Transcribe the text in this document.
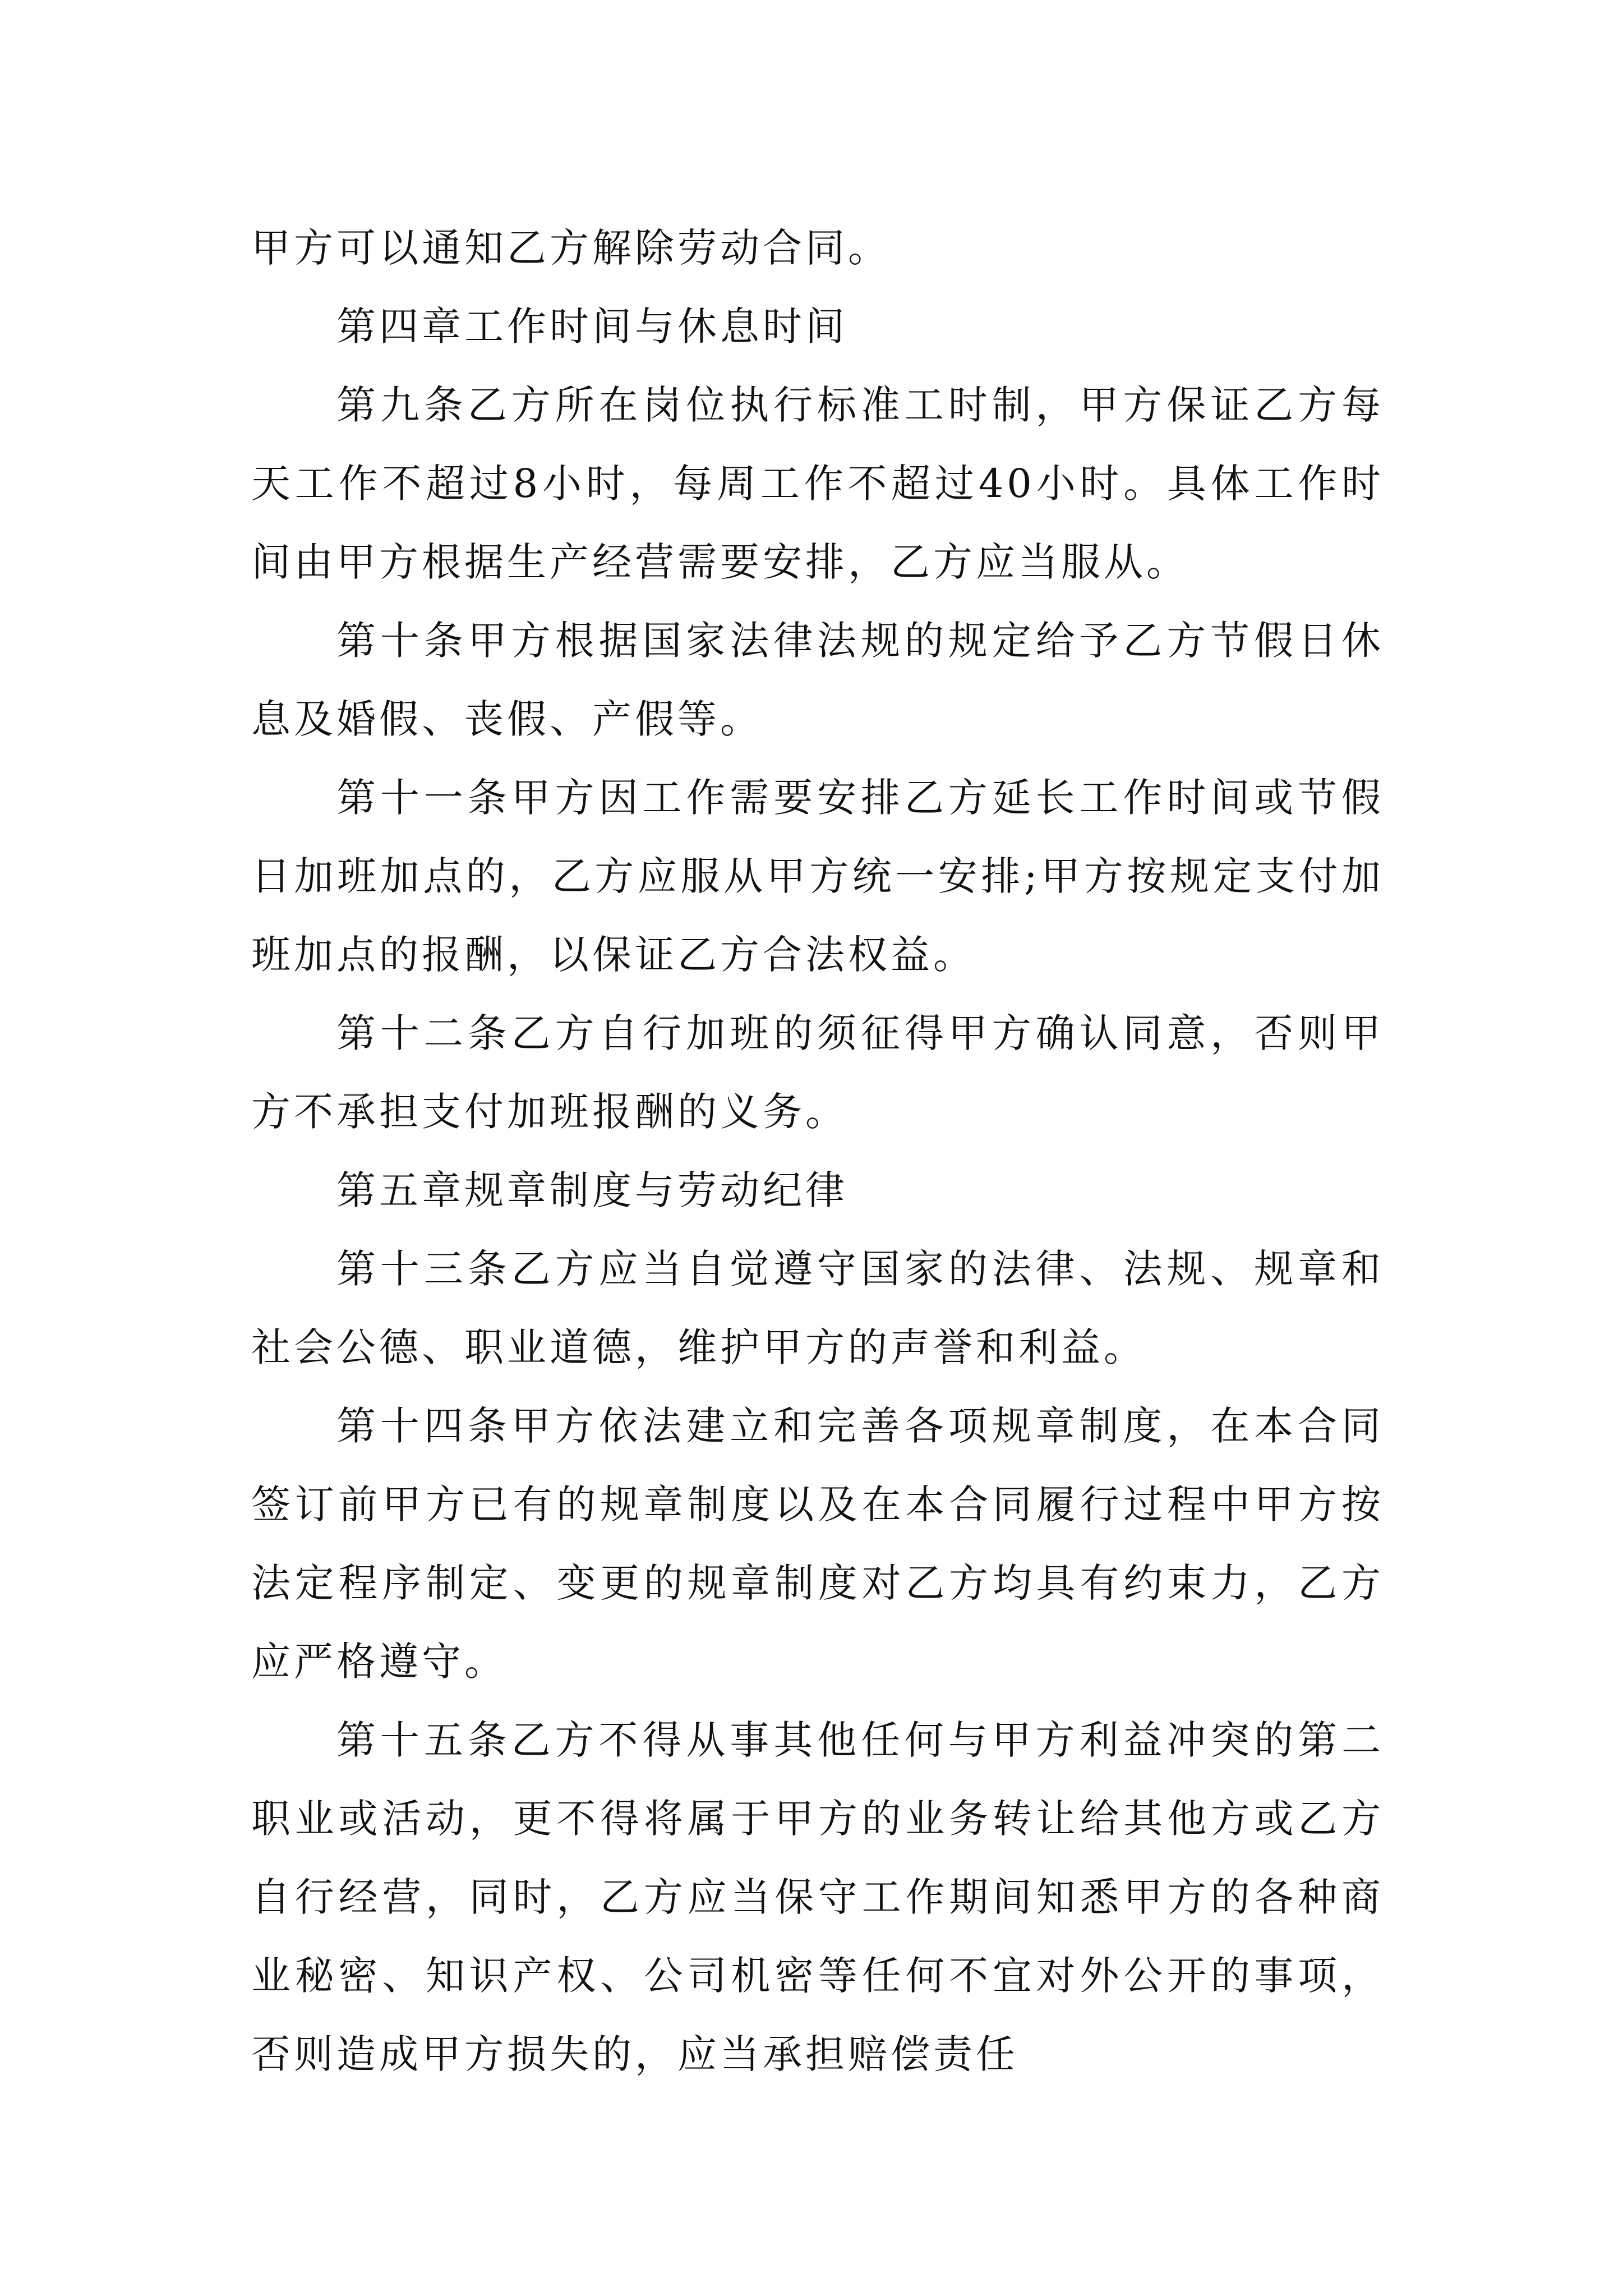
甲方可以通知乙方解除劳动合同。

第四章工作时间与休息时间

第九条乙方所在岗位执行标准工时制，甲方保证乙方每天工作不超过8小时，每周工作不超过40小时。具体工作时间由甲方根据生产经营需要安排，乙方应当服从。

第十条甲方根据国家法律法规的规定给予乙方节假日休息及婚假、丧假、产假等。

第十一条甲方因工作需要安排乙方延长工作时间或节假日加班加点的，乙方应服从甲方统一安排;甲方按规定支付加班加点的报酬，以保证乙方合法权益。

第十二条乙方自行加班的须征得甲方确认同意，否则甲方不承担支付加班报酬的义务。

第五章规章制度与劳动纪律

第十三条乙方应当自觉遵守国家的法律、法规、规章和社会公德、职业道德，维护甲方的声誉和利益。

第十四条甲方依法建立和完善各项规章制度，在本合同签订前甲方已有的规章制度以及在本合同履行过程中甲方按法定程序制定、变更的规章制度对乙方均具有约束力，乙方应严格遵守。

第十五条乙方不得从事其他任何与甲方利益冲突的第二职业或活动，更不得将属于甲方的业务转让给其他方或乙方自行经营，同时，乙方应当保守工作期间知悉甲方的各种商业秘密、知识产权、公司机密等任何不宜对外公开的事项，否则造成甲方损失的，应当承担赔偿责任
